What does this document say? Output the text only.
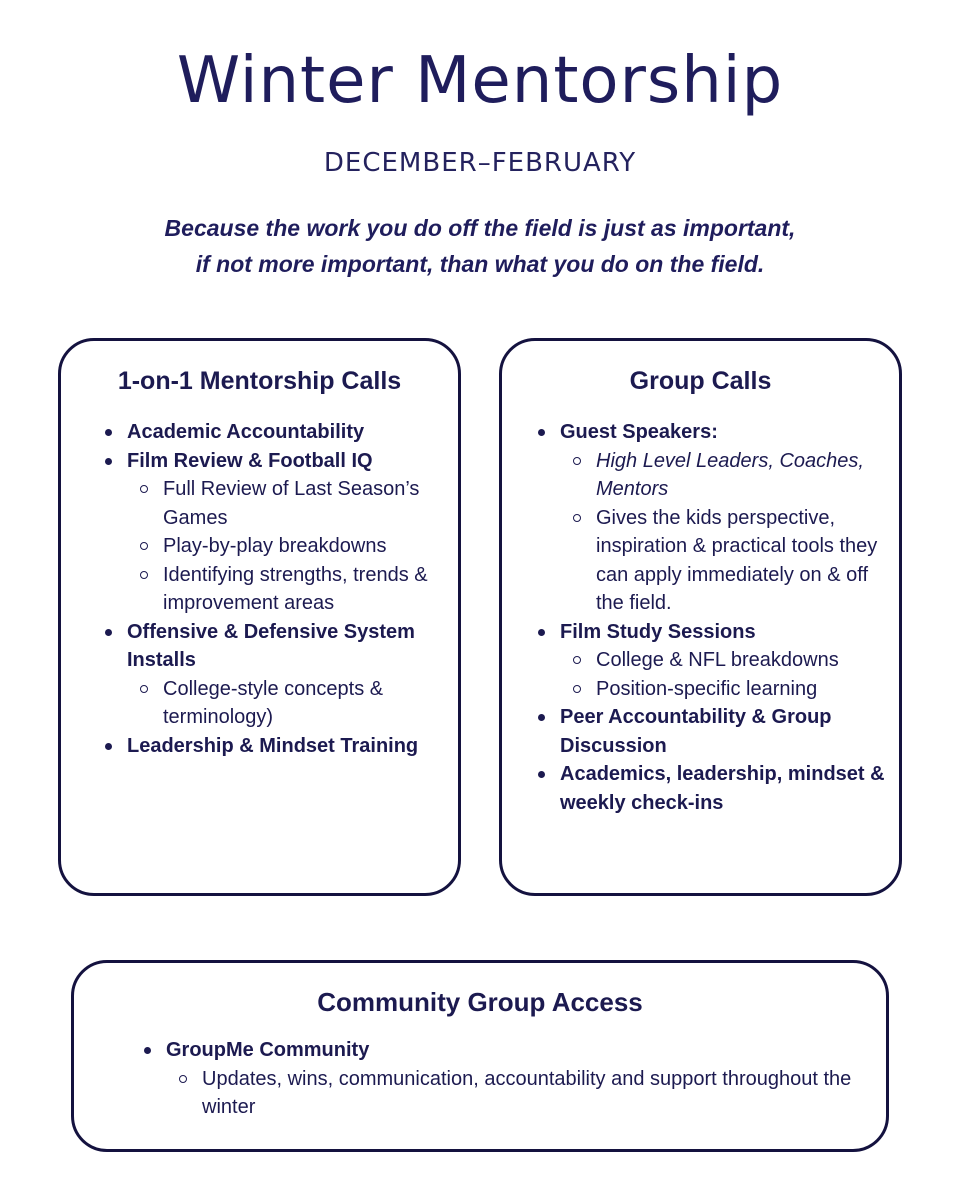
Winter Mentorship
DECEMBER–FEBRUARY
Because the work you do off the field is just as important,
if not more important, than what you do on the field.
1-on-1 Mentorship Calls
Academic Accountability
Film Review & Football IQ
Full Review of Last Season’s Games
Play-by-play breakdowns
Identifying strengths, trends & improvement areas
Offensive & Defensive System Installs
College-style concepts & terminology)
Leadership & Mindset Training
Group Calls
Guest Speakers:
High Level Leaders, Coaches, Mentors
Gives the kids perspective, inspiration & practical tools they can apply immediately on & off the field.
Film Study Sessions
College & NFL breakdowns
Position-specific learning
Peer Accountability & Group Discussion
Academics, leadership, mindset & weekly check-ins
Community Group Access
GroupMe Community
Updates, wins, communication, accountability and support throughout the winter
